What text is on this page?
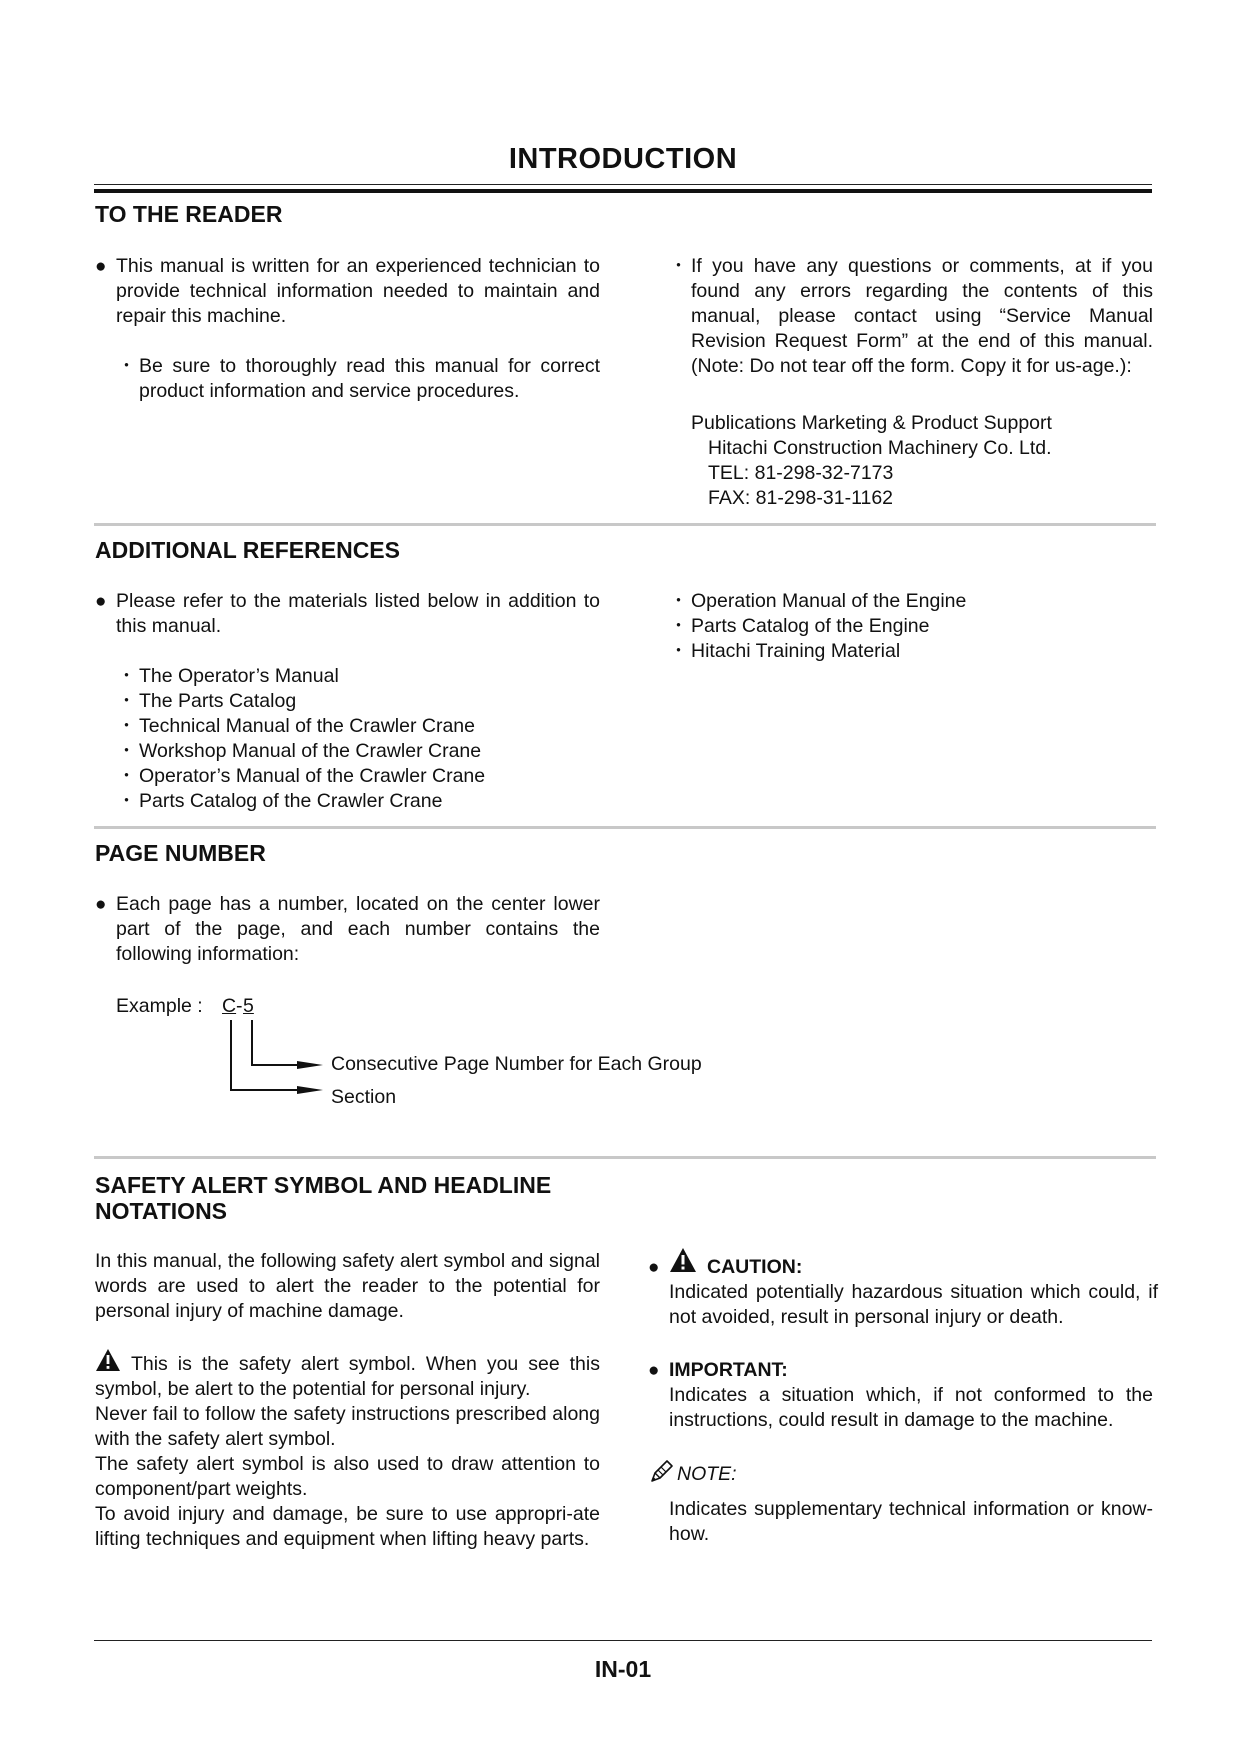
INTRODUCTION
TO THE READER
● This manual is written for an experienced technician to provide technical information needed to maintain and repair this machine.

・ Be sure to thoroughly read this manual for correct product information and service procedures.

・ If you have any questions or comments, at if you found any errors regarding the contents of this manual, please contact using “Service Manual Revision Request Form” at the end of this manual. (Note: Do not tear off the form. Copy it for us-age.):

Publications Marketing & Product Support
Hitachi Construction Machinery Co. Ltd.
TEL: 81-298-32-7173
FAX: 81-298-31-1162
ADDITIONAL REFERENCES
● Please refer to the materials listed below in addition to this manual.

・ The Operator’s Manual
・ The Parts Catalog
・ Technical Manual of the Crawler Crane
・ Workshop Manual of the Crawler Crane
・ Operator’s Manual of the Crawler Crane
・ Parts Catalog of the Crawler Crane
・ Operation Manual of the Engine
・ Parts Catalog of the Engine
・ Hitachi Training Material
PAGE NUMBER
● Each page has a number, located on the center lower part of the page, and each number contains the following information:

Example : C - 5
Consecutive Page Number for Each Group
Section
SAFETY ALERT SYMBOL AND HEADLINE
NOTATIONS

In this manual, the following safety alert symbol and signal words are used to alert the reader to the potential for personal injury of machine damage.

This is the safety alert symbol. When you see this symbol, be alert to the potential for personal injury.

Never fail to follow the safety instructions prescribed along with the safety alert symbol.

The safety alert symbol is also used to draw attention to component/part weights.

To avoid injury and damage, be sure to use appropri-ate lifting techniques and equipment when lifting heavy parts.

● CAUTION:

Indicated potentially hazardous situation which could, if not avoided, result in personal injury or death.

● IMPORTANT:

Indicates a situation which, if not conformed to the instructions, could result in damage to the machine.

NOTE:

Indicates supplementary technical information or know-how.

IN-01
